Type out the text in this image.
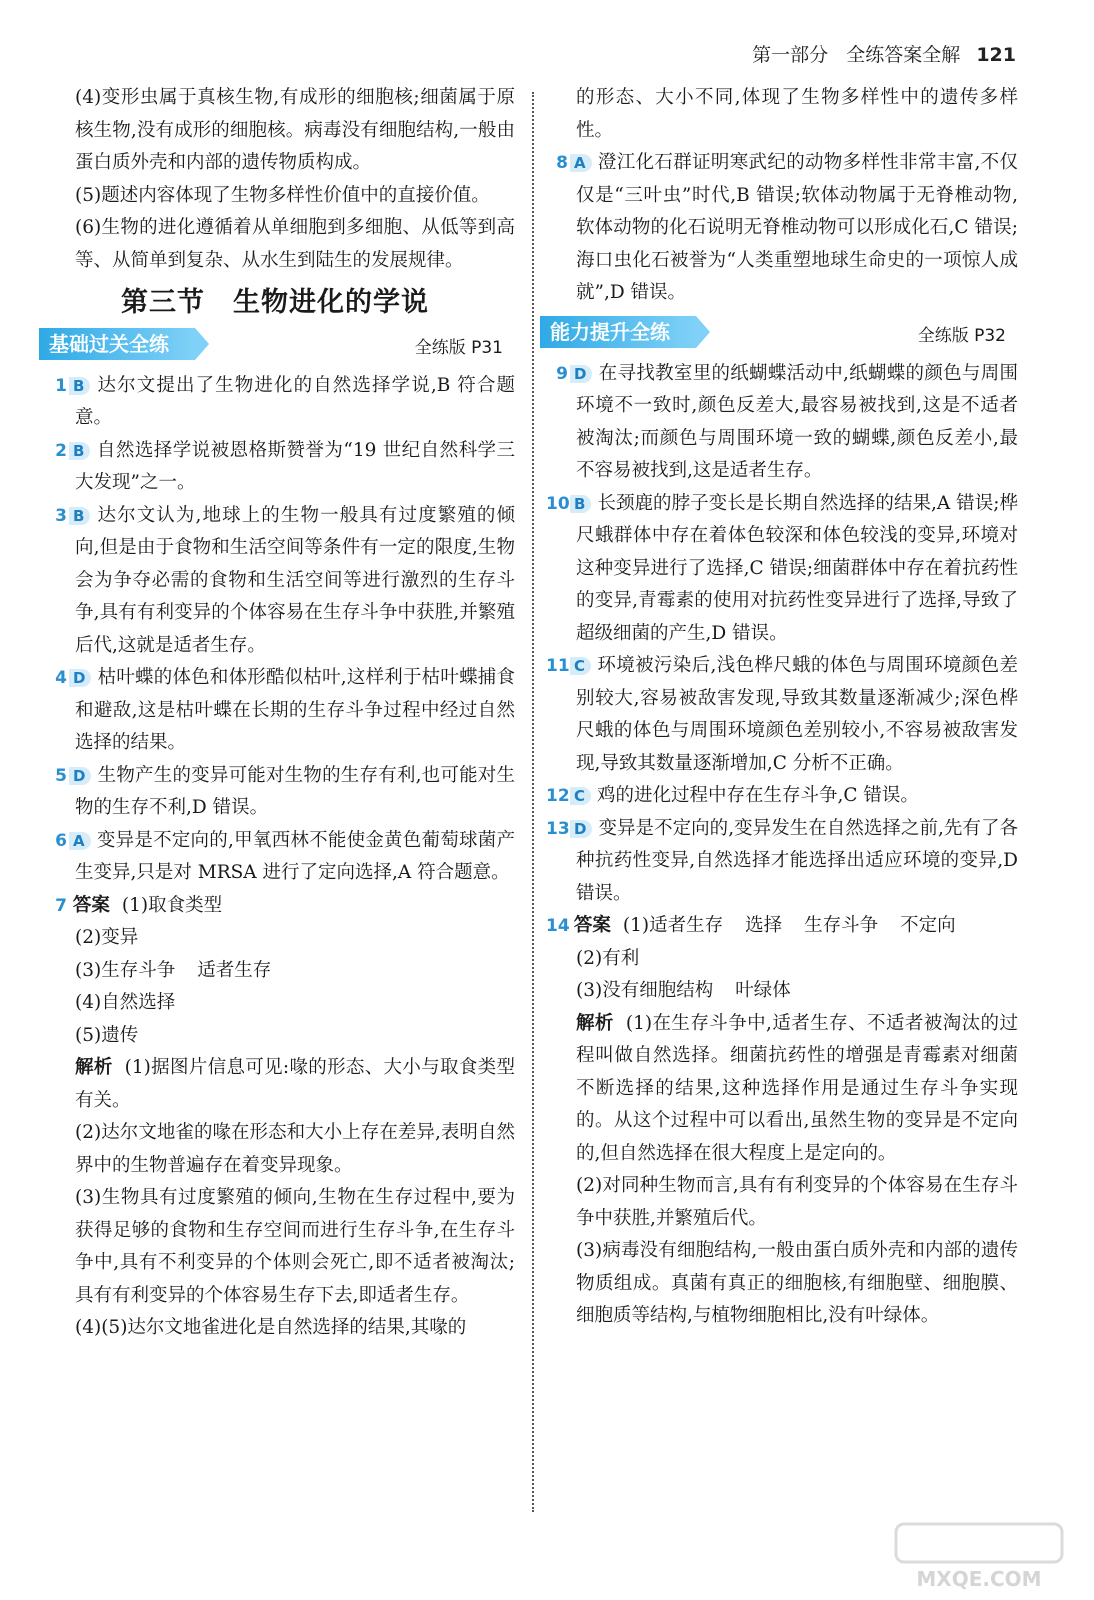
第一部分 全练答案全解 121

(4)变形虫属于真核生物,有成形的细胞核;细菌属于原核生物,没有成形的细胞核。病毒没有细胞结构,一般由蛋白质外壳和内部的遗传物质构成。

(5)题述内容体现了生物多样性价值中的直接价值。

(6)生物的进化遵循着从单细胞到多细胞、从低等到高等、从简单到复杂、从水生到陆生的发展规律。

第三节　生物进化的学说
基础过关全练	全练版 P31

1 B 达尔文提出了生物进化的自然选择学说,B 符合题意。

2 B 自然选择学说被恩格斯赞誉为“19 世纪自然科学三大发现”之一。

3 B 达尔文认为,地球上的生物一般具有过度繁殖的倾向,但是由于食物和生活空间等条件有一定的限度,生物会为争夺必需的食物和生活空间等进行激烈的生存斗争,具有有利变异的个体容易在生存斗争中获胜,并繁殖后代,这就是适者生存。

4 D 枯叶蝶的体色和体形酷似枯叶,这样利于枯叶蝶捕食和避敌,这是枯叶蝶在长期的生存斗争过程中经过自然选择的结果。

5 D 生物产生的变异可能对生物的生存有利,也可能对生物的生存不利,D 错误。

6 A 变异是不定向的,甲氧西林不能使金黄色葡萄球菌产生变异,只是对 MRSA 进行了定向选择,A 符合题意。

7 答案 (1)取食类型

(2)变异

(3)生存斗争 适者生存

(4)自然选择

(5)遗传

解析 (1)据图片信息可见:喙的形态、大小与取食类型有关。

(2)达尔文地雀的喙在形态和大小上存在差异,表明自然界中的生物普遍存在着变异现象。

(3)生物具有过度繁殖的倾向,生物在生存过程中,要为获得足够的食物和生存空间而进行生存斗争,在生存斗争中,具有不利变异的个体则会死亡,即不适者被淘汰;具有有利变异的个体容易生存下去,即适者生存。

(4)(5)达尔文地雀进化是自然选择的结果,其喙的

的形态、大小不同,体现了生物多样性中的遗传多样性。

8 A 澄江化石群证明寒武纪的动物多样性非常丰富,不仅仅是“三叶虫”时代,B 错误;软体动物属于无脊椎动物,软体动物的化石说明无脊椎动物可以形成化石,C 错误;海口虫化石被誉为“人类重塑地球生命史的一项惊人成就”,D 错误。

能力提升全练	全练版 P32

9 D 在寻找教室里的纸蝴蝶活动中,纸蝴蝶的颜色与周围环境不一致时,颜色反差大,最容易被找到,这是不适者被淘汰;而颜色与周围环境一致的蝴蝶,颜色反差小,最不容易被找到,这是适者生存。

10 B 长颈鹿的脖子变长是长期自然选择的结果,A 错误;桦尺蛾群体中存在着体色较深和体色较浅的变异,环境对这种变异进行了选择,C 错误;细菌群体中存在着抗药性的变异,青霉素的使用对抗药性变异进行了选择,导致了超级细菌的产生,D 错误。

11 C 环境被污染后,浅色桦尺蛾的体色与周围环境颜色差别较大,容易被敌害发现,导致其数量逐渐减少;深色桦尺蛾的体色与周围环境颜色差别较小,不容易被敌害发现,导致其数量逐渐增加,C 分析不正确。

12 C 鸡的进化过程中存在生存斗争,C 错误。

13 D 变异是不定向的,变异发生在自然选择之前,先有了各种抗药性变异,自然选择才能选择出适应环境的变异,D 错误。

14 答案 (1)适者生存 选择 生存斗争 不定向

(2)有利

(3)没有细胞结构 叶绿体

解析 (1)在生存斗争中,适者生存、不适者被淘汰的过程叫做自然选择。细菌抗药性的增强是青霉素对细菌不断选择的结果,这种选择作用是通过生存斗争实现的。从这个过程中可以看出,虽然生物的变异是不定向的,但自然选择在很大程度上是定向的。

(2)对同种生物而言,具有有利变异的个体容易在生存斗争中获胜,并繁殖后代。

(3)病毒没有细胞结构,一般由蛋白质外壳和内部的遗传物质组成。真菌有真正的细胞核,有细胞壁、细胞膜、细胞质等结构,与植物细胞相比,没有叶绿体。

MXQE.COM
